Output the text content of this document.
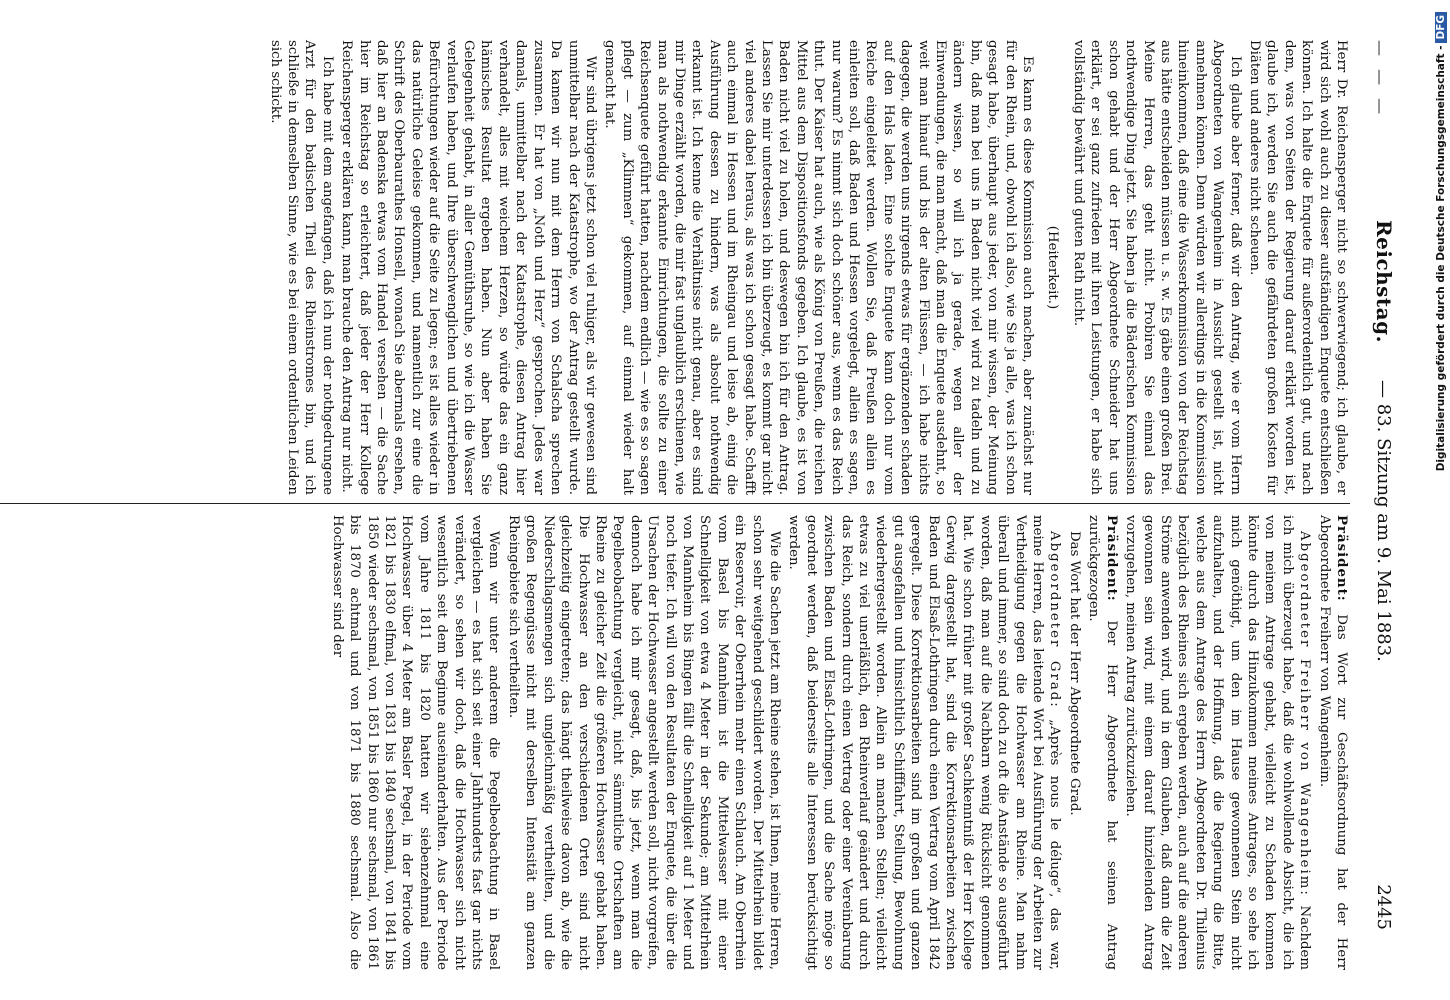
— — —
Reichstag.
— 83. Sitzung am 9. Mai 1883.
2445

Herr Dr. Reichensperger nicht so schwerwiegend; ich glaube, er wird sich wohl auch zu dieser aufständigen Enquete entschließen können. Ich halte die Enquete für außerordentlich gut, und nach dem, was von Seiten der Regierung darauf erklärt worden ist, glaube ich, werden Sie auch die gefährdeten großen Kosten für Diäten und anderes nicht scheuen.

Ich glaube aber ferner, daß wir den Antrag, wie er vom Herrn Abgeordneten von Wangenheim in Aussicht gestellt ist, nicht annehmen können. Denn würden wir allerdings in die Kommission hineinkommen, daß eine die Wasserkommission von der Reichstag aus hätte entscheiden müssen u. s. w. Es gäbe einen großen Brei. Meine Herren, das geht nicht. Probiren Sie einmal das nothwendige Ding jetzt. Sie haben ja die Bäderischen Kommission schon gehabt und der Herr Abgeordnete Schneider hat uns erklärt, er sei ganz zufrieden mit ihren Leistungen, er habe sich vollständig bewährt und guten Rath nicht.

(Heiterkeit.)

Es kann es diese Kommission auch machen, aber zunächst nur für den Rhein, und, obwohl ich also, wie Sie ja alle, was ich schon gesagt habe, überhaupt aus jeder, von mir wissen, der Meinung bin, daß man bei uns in Baden nicht viel wird zu tadeln und zu ändern wissen, so will ich ja gerade, wegen aller der Einwendungen, die man macht, daß man die Enquete ausdehnt, so weit man hinauf und bis der alten Flüssen, — ich habe nichts dagegen, die werden uns nirgends etwas für ergänzenden schaden auf den Hals laden. Eine solche Enquete kann doch nur vom Reiche eingeleitet werden. Wollen Sie, daß Preußen allein es einleiten soll, daß Baden und Hessen vorgelegt, allein es sagen, nur warum? Es nimmt sich doch schöner aus, wenn es das Reich thut. Der Kaiser hat auch, wie als König von Preußen, die reichen Mittel aus dem Dispositionsfonds gegeben. Ich glaube, es ist von Baden nicht viel zu holen, und deswegen bin ich für den Antrag. Lassen Sie mir unterdessen ich bin überzeugt, es kommt gar nicht viel anderes dabei heraus, als was ich schon gesagt habe. Schafft auch einmal in Hessen und im Rheingau und leise ab, einig die Ausführung dessen zu hindern, was als absolut nothwendig erkannt ist. Ich kenne die Verhältnisse nicht genau, aber es sind mir Dinge erzählt worden, die mir fast unglaublich erschienen, wie man als nothwendig erkannte Einrichtungen, die sollte zu einer Reichsenquete geführt hatten, nachdem endlich — wie es so sagen pflegt — zum „Klimmen“ gekommen, auf einmal wieder halt gemacht hat.

Wir sind übrigens jetzt schon viel ruhiger, als wir gewesen sind unmittelbar nach der Katastrophe, wo der Antrag gestellt wurde. Da kamen wir nun mit dem Herrn von Schalscha sprechen zusammen. Er hat von „Noth und Herz“ gesprochen. Jedes war damals, unmittelbar nach der Katastrophe, diesen Antrag hier verhandelt, alles mit weichem Herzen, so würde das ein ganz hämisches Resultat ergeben haben. Nun aber haben Sie Gelegenheit gehabt, in aller Gemüthsruhe, so wie ich die Wasser verlaufen haben, und Ihre überschwenglichen und übertriebenen Befürchtungen wieder auf die Seite zu legen; es ist alles wieder in das natürliche Geleise gekommen, und namentlich zur eine die Schrift des Oberbaurathes Honsell, wonach Sie abermals ersehen, daß hier an Badenska etwas vom Handel versehen — die Sache hier im Reichstag so erleichtert, daß jeder der Herr Kollege Reichensperger erklären kann, man brauche den Antrag nur nicht.

Ich habe mit dem angefangen, daß ich nun der nothgedrungene Arzt für den badischen Theil des Rheinstromes bin, und ich schließe in demselben Sinne, wie es bei einem ordentlichen Leiden sich schickt.

Präsident: Das Wort zur Geschäftsordnung hat der Herr Abgeordnete Freiherr von Wangenheim.

Abgeordneter Freiherr von Wangenheim: Nachdem ich mich überzeugt habe, daß die wohlwollende Absicht, die ich von meinem Antrage gehabt, vielleicht zu Schaden kommen könnte durch das Hinzukommen meines Antrages, so sehe ich mich genöthigt, um den im Hause gewonnenen Stein nicht aufzuhalten, und der Hoffnung, daß die Regierung die Bitte, welche aus dem Antrage des Herrn Abgeordneten Dr. Thilenius bezüglich des Rheines sich ergeben werden, auch auf die anderen Ströme anwenden wird, und in dem Glauben, daß dann die Zeit gewonnen sein wird, mit einem darauf hinzielenden Antrag vorzugehen, meinen Antrag zurückzuziehen.

Präsident: Der Herr Abgeordnete hat seinen Antrag zurückgezogen.

Das Wort hat der Herr Abgeordnete Grad.

Abgeordneter Grad: „Après nous le déluge“, das war, meine Herren, das leitende Wort bei Ausführung der Arbeiten zur Vertheidigung gegen die Hochwasser am Rheine. Man nahm überall und immer, so sind doch zu oft die Anstände so ausgeführt worden, daß man auf die Nachbarn wenig Rücksicht genommen hat. Wie schon früher mit großer Sachkenntniß der Herr Kollege Gerwig dargestellt hat, sind die Korrektionsarbeiten zwischen Baden und Elsaß-Lothringen durch einen Vertrag vom April 1842 geregelt. Diese Korrektionsarbeiten sind im großen und ganzen gut ausgefallen und hinsichtlich Schifffahrt, Stellung, Bewohnung wiederhergestellt worden. Allein an manchen Stellen; vielleicht etwas zu viel unerläßlich, den Rheinverlauf geändert und durch das Reich, sondern durch einen Vertrag oder einer Vereinbarung zwischen Baden und Elsaß-Lothringen, und die Sache möge so geordnet werden, daß beiderseits alle Interessen berücksichtigt werden.

Wie die Sachen jetzt am Rheine stehen, ist Ihnen, meine Herren, schon sehr weitgehend geschildert worden. Der Mittelrhein bildet ein Reservoir, der Oberrhein mehr einen Schlauch. Am Oberrhein vom Basel bis Mannheim ist die Mittelwasser mit einer Schnelligkeit von etwa 4 Meter in der Sekunde; am Mittelrhein von Mannheim bis Bingen fällt die Schnelligkeit auf 1 Meter und noch tiefer. Ich will von den Resultaten der Enquete, die über die Ursachen der Hochwasser angestellt werden soll, nicht vorgreifen, dennoch habe ich mir gesagt, daß, bis jetzt, wenn man die Pegelbeobachtung vergleicht, nicht sämmtliche Ortschaften am Rheine zu gleicher Zeit die größeren Hochwasser gehabt haben. Die Hochwasser an den verschiedenen Orten sind nicht gleichzeitig eingetreten; das hängt theilweise davon ab, wie die Niederschlagsmengen sich ungleichmäßig vertheilten, und die großen Regengüsse nicht mit derselben Intensität am ganzen Rheingebiete sich vertheilten.

Wenn wir unter anderem die Pegelbeobachtung in Basel vergleichen — es hat sich seit einer Jahrhunderts fast gar nichts verändert, so sehen wir doch, daß die Hochwasser sich nicht wesentlich seit dem Beginne auseinanderhalten. Aus der Periode vom Jahre 1811 bis 1820 hatten wir siebenzehnmal eine Hochwasser über 4 Meter am Basler Pegel, in der Periode vom 1821 bis 1830 elfmal, von 1831 bis 1840 sechsmal, von 1841 bis 1850 wieder sechsmal, von 1851 bis 1860 nur sechsmal, von 1861 bis 1870 achtmal und von 1871 bis 1880 sechsmal. Also die Hochwasser sind der

Digitalisierung gefördert durch die Deutsche Forschungsgemeinschaft -DFG
